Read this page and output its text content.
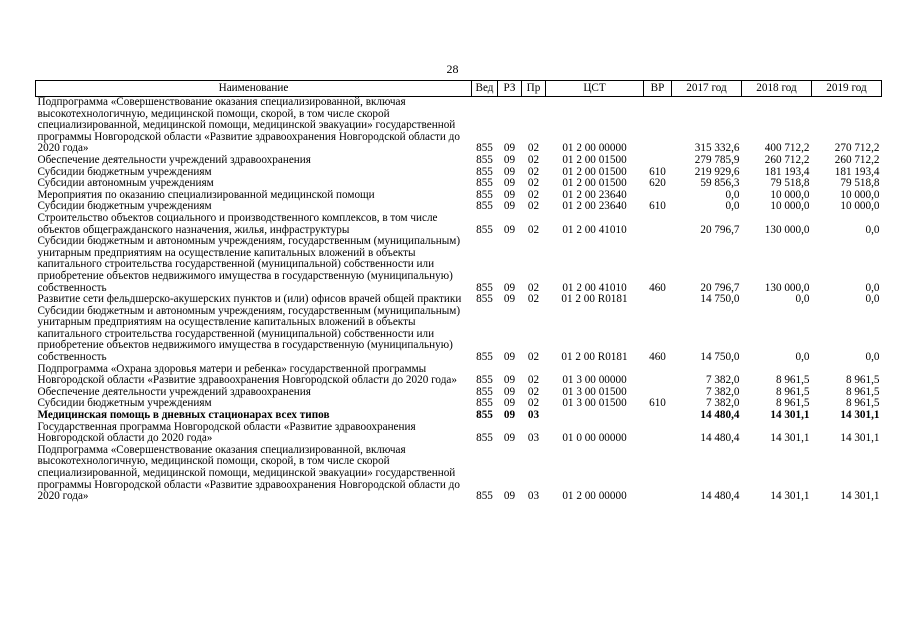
28
Наименование	Вед	РЗ	Пр	ЦСТ	ВР	2017 год	2018 год	2019 год
Подпрограмма «Совершенствование оказания специализированной, включая высокотехнологичную, медицинской помощи, скорой, в том числе скорой специализированной, медицинской помощи, медицинской эвакуации» государственной программы Новгородской области «Развитие здравоохранения Новгородской области до 2020 года»	855	09	02	01 2 00 00000		315 332,6	400 712,2	270 712,2
Обеспечение деятельности учреждений здравоохранения	855	09	02	01 2 00 01500		279 785,9	260 712,2	260 712,2
Субсидии бюджетным учреждениям	855	09	02	01 2 00 01500	610	219 929,6	181 193,4	181 193,4
Субсидии автономным учреждениям	855	09	02	01 2 00 01500	620	59 856,3	79 518,8	79 518,8
Мероприятия по оказанию специализированной медицинской помощи	855	09	02	01 2 00 23640		0,0	10 000,0	10 000,0
Субсидии бюджетным учреждениям	855	09	02	01 2 00 23640	610	0,0	10 000,0	10 000,0
Строительство объектов социального и производственного комплексов, в том числе объектов общегражданского назначения, жилья, инфраструктуры	855	09	02	01 2 00 41010		20 796,7	130 000,0	0,0
Субсидии бюджетным и автономным учреждениям, государственным (муниципальным) унитарным предприятиям на осуществление капитальных вложений в объекты капитального строительства государственной (муниципальной) собственности или приобретение объектов недвижимого имущества в государственную (муниципальную) собственность	855	09	02	01 2 00 41010	460	20 796,7	130 000,0	0,0
Развитие сети фельдшерско-акушерских пунктов и (или) офисов врачей общей практики	855	09	02	01 2 00 R0181		14 750,0	0,0	0,0
Субсидии бюджетным и автономным учреждениям, государственным (муниципальным) унитарным предприятиям на осуществление капитальных вложений в объекты капитального строительства государственной (муниципальной) собственности или приобретение объектов недвижимого имущества в государственную (муниципальную) собственность	855	09	02	01 2 00 R0181	460	14 750,0	0,0	0,0
Подпрограмма «Охрана здоровья матери и ребенка» государственной программы Новгородской области «Развитие здравоохранения Новгородской области до 2020 года»	855	09	02	01 3 00 00000		7 382,0	8 961,5	8 961,5
Обеспечение деятельности учреждений здравоохранения	855	09	02	01 3 00 01500		7 382,0	8 961,5	8 961,5
Субсидии бюджетным учреждениям	855	09	02	01 3 00 01500	610	7 382,0	8 961,5	8 961,5
Медицинская помощь в дневных стационарах всех типов	855	09	03			14 480,4	14 301,1	14 301,1
Государственная программа Новгородской области «Развитие здравоохранения Новгородской области до 2020 года»	855	09	03	01 0 00 00000		14 480,4	14 301,1	14 301,1
Подпрограмма «Совершенствование оказания специализированной, включая высокотехнологичную, медицинской помощи, скорой, в том числе скорой специализированной, медицинской помощи, медицинской эвакуации» государственной программы Новгородской области «Развитие здравоохранения Новгородской области до 2020 года»	855	09	03	01 2 00 00000		14 480,4	14 301,1	14 301,1
